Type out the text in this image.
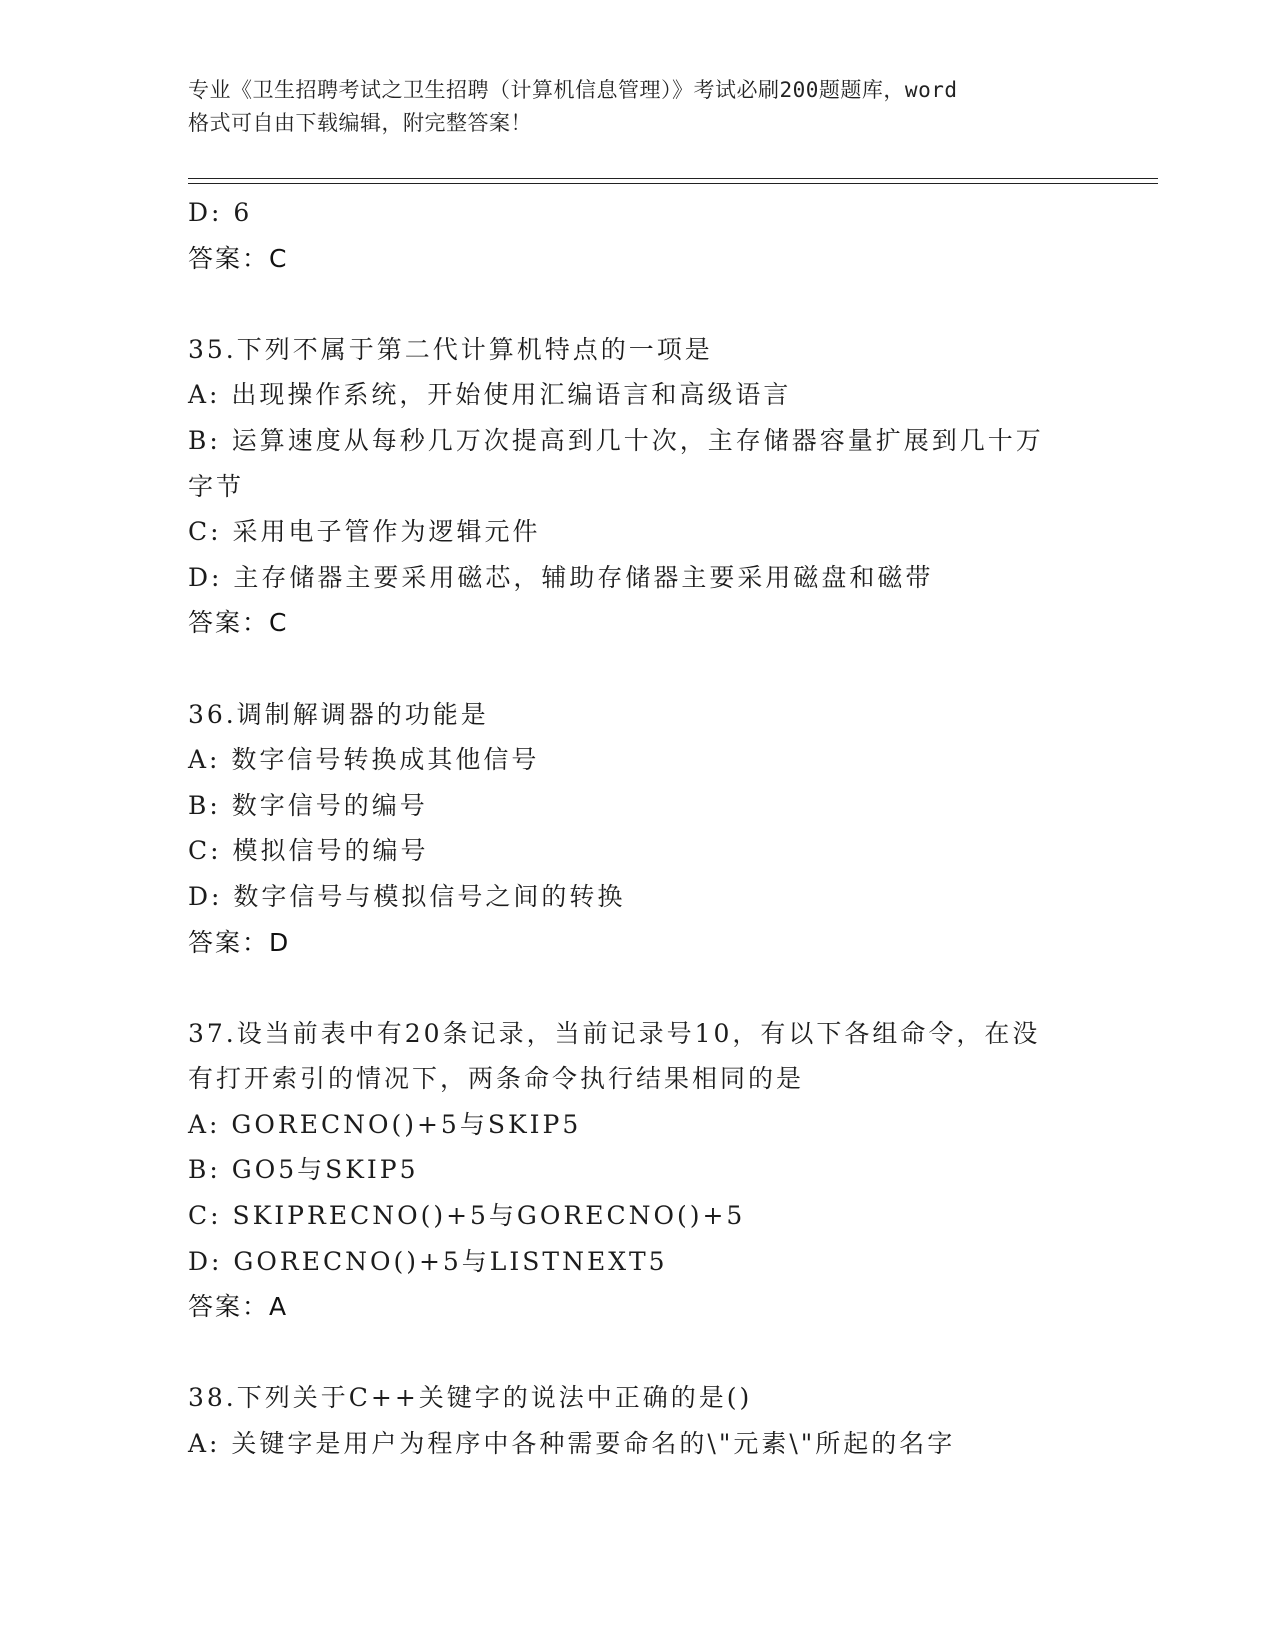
专业《卫生招聘考试之卫生招聘（计算机信息管理）》考试必刷200题题库，word
格式可自由下载编辑，附完整答案！
D: 6
答案：C
35.下列不属于第二代计算机特点的一项是
A: 出现操作系统，开始使用汇编语言和高级语言
B: 运算速度从每秒几万次提高到几十次，主存储器容量扩展到几十万
字节
C: 采用电子管作为逻辑元件
D: 主存储器主要采用磁芯，辅助存储器主要采用磁盘和磁带
答案：C
36.调制解调器的功能是
A: 数字信号转换成其他信号
B: 数字信号的编号
C: 模拟信号的编号
D: 数字信号与模拟信号之间的转换
答案：D
37.设当前表中有20条记录，当前记录号10，有以下各组命令，在没
有打开索引的情况下，两条命令执行结果相同的是
A: GORECNO()+5与SKIP5
B: GO5与SKIP5
C: SKIPRECNO()+5与GORECNO()+5
D: GORECNO()+5与LISTNEXT5
答案：A
38.下列关于C++关键字的说法中正确的是()
A: 关键字是用户为程序中各种需要命名的\"元素\"所起的名字
